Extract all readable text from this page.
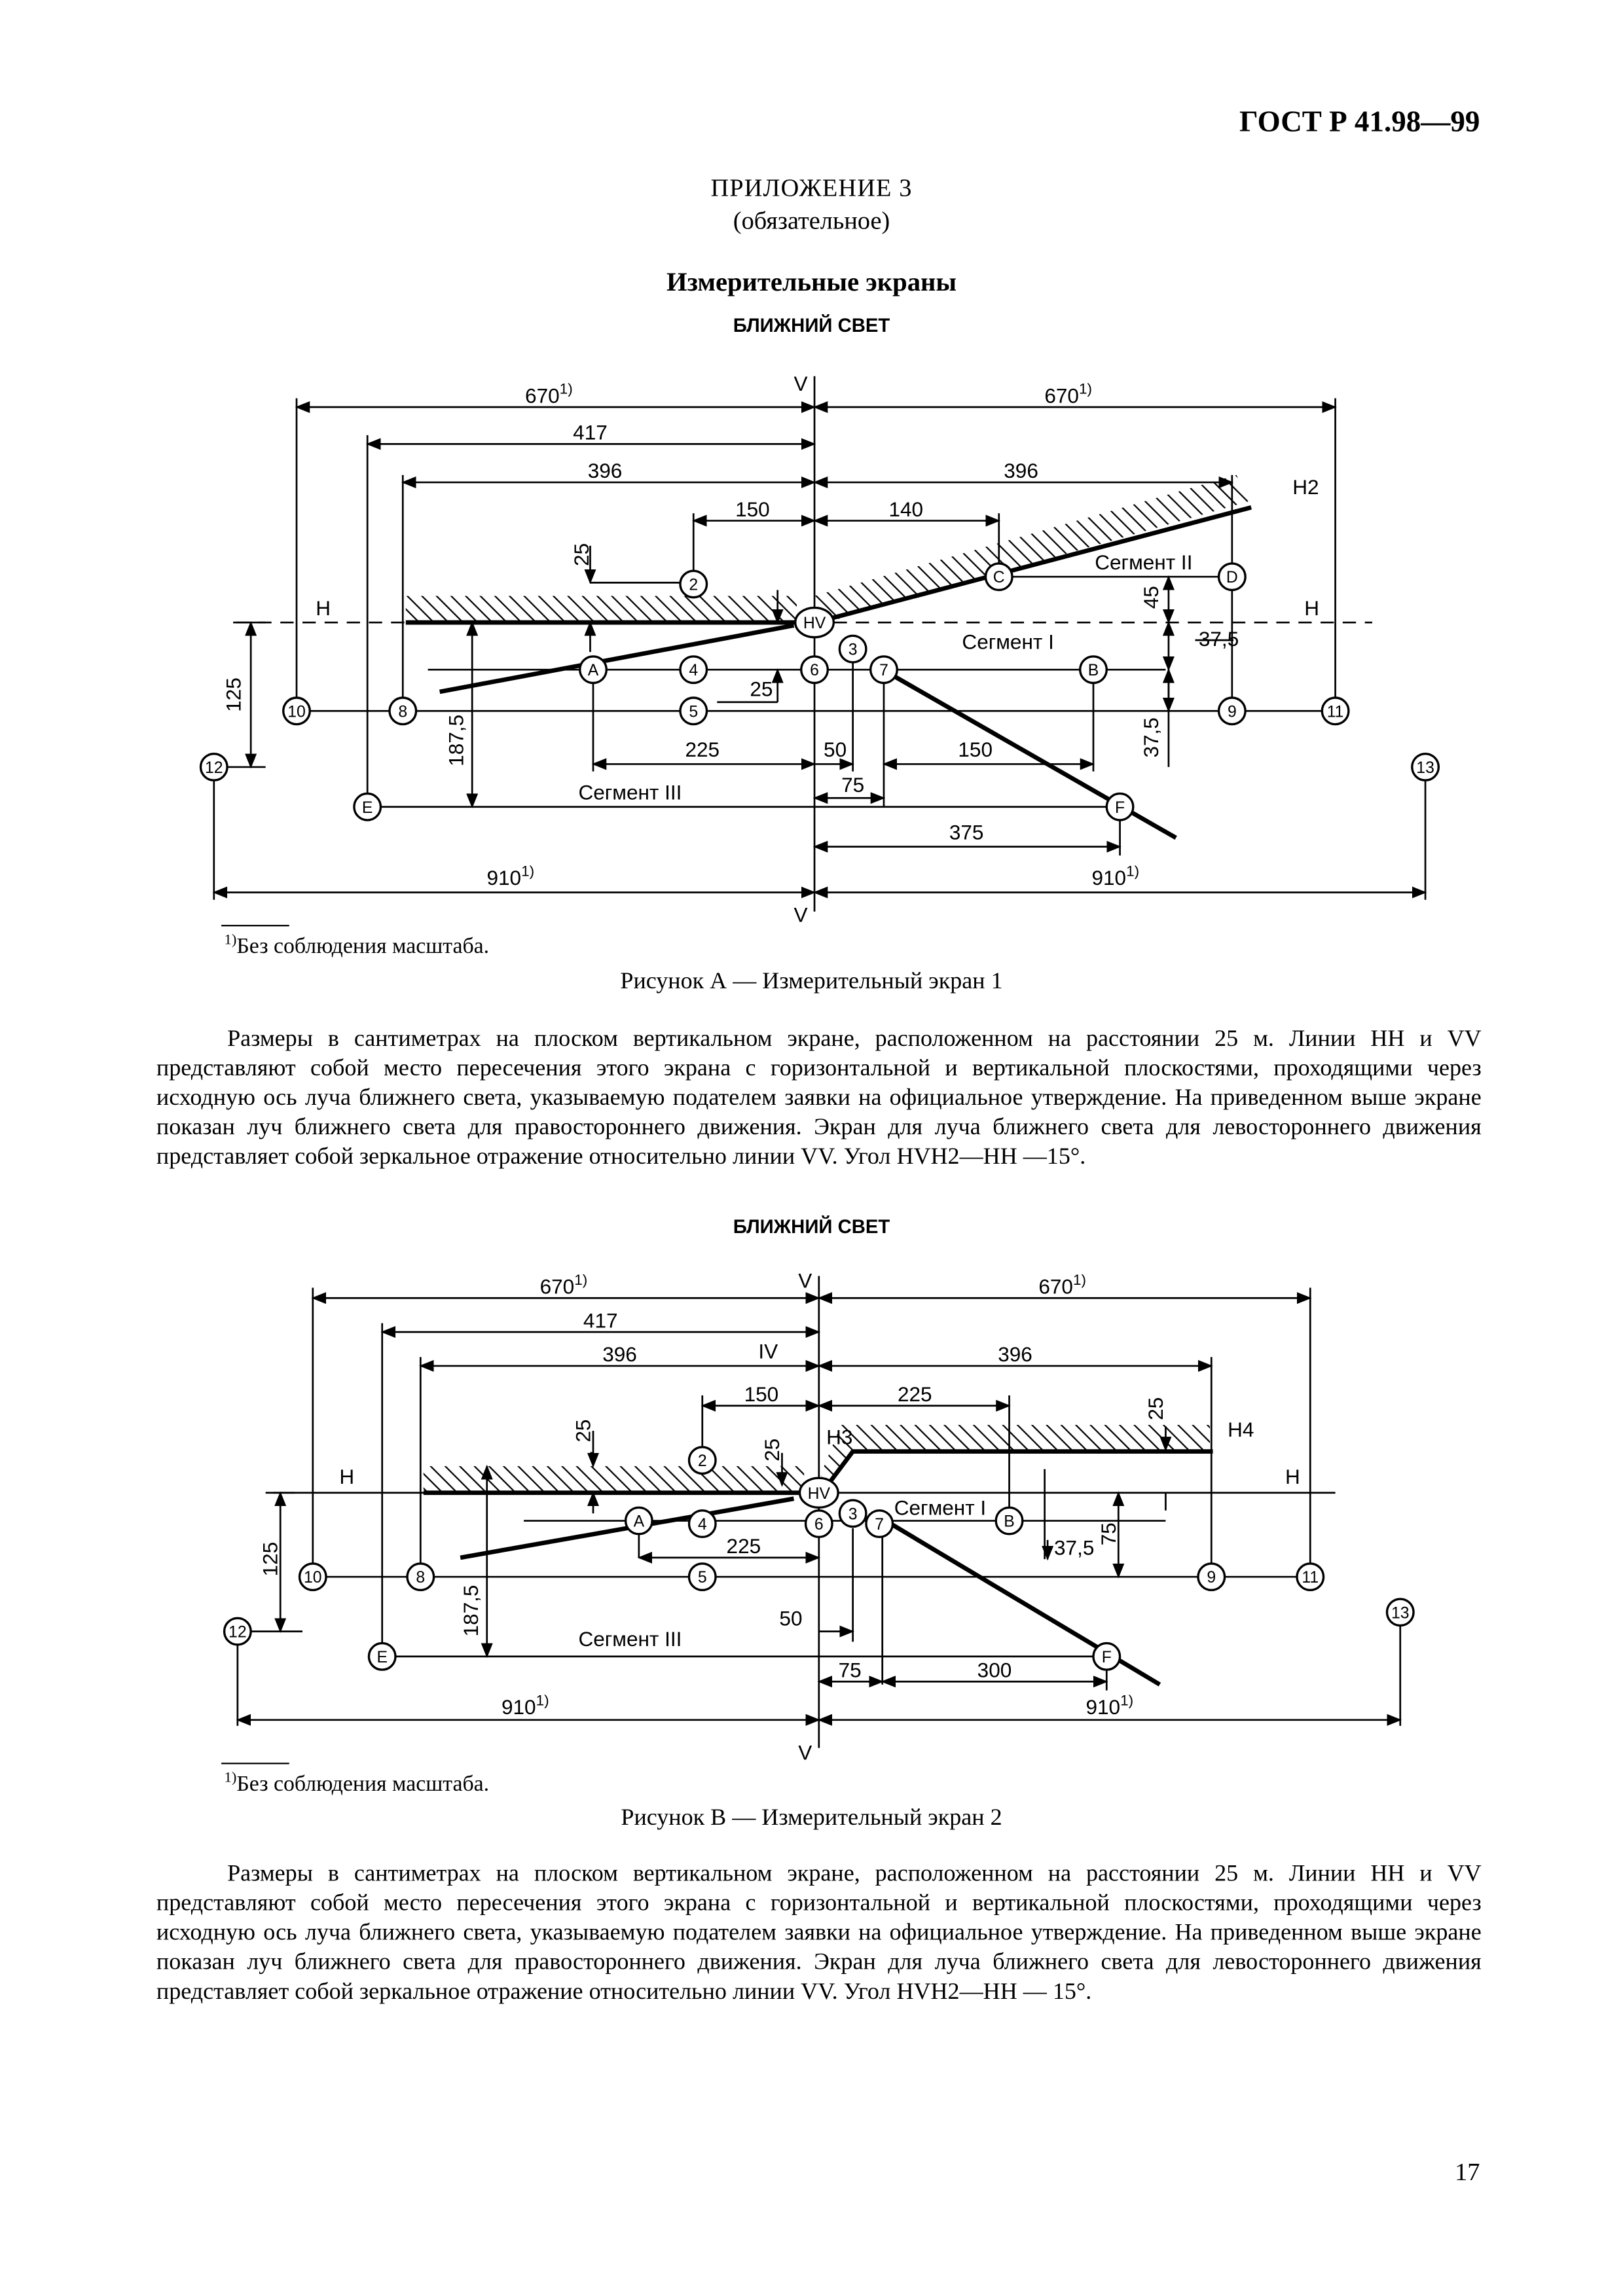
ГОСТ Р 41.98—99
ПРИЛОЖЕНИЕ 3
(обязательное)
Измерительные экраны
БЛИЖНИЙ СВЕТ
2
3
4
5
6	7
8	9
10	11
12	13
A	B
C	D
E	F
HV
670$^{1)}$	670$^{1)}$
417
396	396
150	140
25
225	50	150
75
375
910$^{1)}$	910$^{1)}$
37,5
25
125
187,5
45
37,5
V
V
H	H
H2
Сегмент I
Сегмент II
Сегмент III
$^{1)}$Без соблюдения масштаба.
Рисунок А — Измерительный экран 1
Размеры в сантиметрах на плоском вертикальном экране, расположенном на расстоянии 25 м. Линии НН и VV представляют собой место пересечения этого экрана с горизонтальной и вертикальной плоскостями, проходящими через исходную ось луча ближнего света, указываемую подателем заявки на официальное утверждение. На приведенном выше экране показан луч ближнего света для правостороннего движения. Экран для луча ближнего света для левостороннего движения представляет собой зеркальное отражение относительно линии VV. Угол HVH2—HH —15°.
БЛИЖНИЙ СВЕТ
2
3
4
5
6	7
8	9
10	11
12
13
A	B
E	F
HV
670$^{1)}$	670$^{1)}$
417
396	396
150	225
225
50
75	300
910$^{1)}$	910$^{1)}$
37,5
25
25
25
125
187,5
75
V
V
IV
H	H
H3	H4
Сегмент I
Сегмент III
$^{1)}$Без соблюдения масштаба.
Рисунок В — Измерительный экран 2
Размеры в сантиметрах на плоском вертикальном экране, расположенном на расстоянии 25 м. Линии НН и VV представляют собой место пересечения этого экрана с горизонтальной и вертикальной плоскостями, проходящими через исходную ось луча ближнего света, указываемую подателем заявки на официальное утверждение. На приведенном выше экране показан луч ближнего света для правостороннего движения. Экран для луча ближнего света для левостороннего движения представляет собой зеркальное отражение относительно линии VV. Угол HVH2—HH — 15°.
17
